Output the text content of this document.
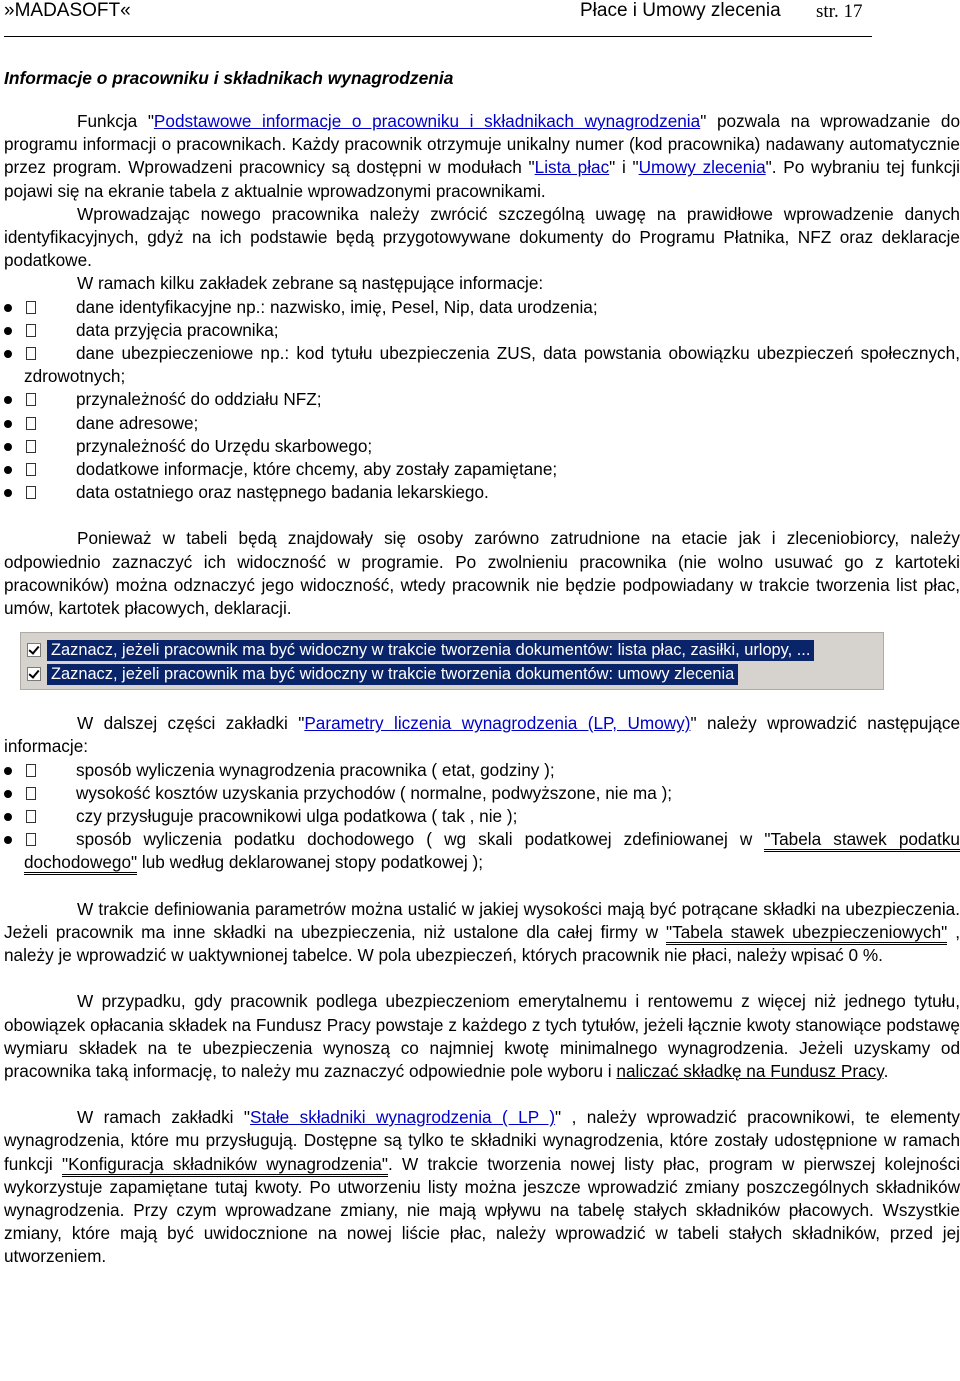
»MADASOFT«	Płace i Umowy zlecenia str. 17
Informacje o pracowniku i składnikach wynagrodzenia

Funkcja "Podstawowe informacje o pracowniku i składnikach wynagrodzenia" pozwala na wprowadzanie do programu informacji o pracownikach. Każdy pracownik otrzymuje unikalny numer (kod pracownika) nadawany automatycznie przez program. Wprowadzeni pracownicy są dostępni w modułach "Lista płac" i "Umowy zlecenia". Po wybraniu tej funkcji pojawi się na ekranie tabela z aktualnie wprowadzonymi pracownikami.

Wprowadzając nowego pracownika należy zwrócić szczególną uwagę na prawidłowe wprowadzenie danych identyfikacyjnych, gdyż na ich podstawie będą przygotowywane dokumenty do Programu Płatnika, NFZ oraz deklaracje podatkowe.

W ramach kilku zakładek zebrane są następujące informacje:

dane identyfikacyjne np.: nazwisko, imię, Pesel, Nip, data urodzenia;
data przyjęcia pracownika;
dane ubezpieczeniowe np.: kod tytułu ubezpieczenia ZUS, data powstania obowiązku ubezpieczeń społecznych, zdrowotnych;
przynależność do oddziału NFZ;
dane adresowe;
przynależność do Urzędu skarbowego;
dodatkowe informacje, które chcemy, aby zostały zapamiętane;
data ostatniego oraz następnego badania lekarskiego.

Ponieważ w tabeli będą znajdowały się osoby zarówno zatrudnione na etacie jak i zleceniobiorcy, należy odpowiednio zaznaczyć ich widoczność w programie. Po zwolnieniu pracownika (nie wolno usuwać go z kartoteki pracowników) można odznaczyć jego widoczność, wtedy pracownik nie będzie podpowiadany w trakcie tworzenia list płac, umów, kartotek płacowych, deklaracji.

Zaznacz, jeżeli pracownik ma być widoczny w trakcie tworzenia dokumentów: lista płac, zasiłki, urlopy, ...
Zaznacz, jeżeli pracownik ma być widoczny w trakcie tworzenia dokumentów: umowy zlecenia

W dalszej części zakładki "Parametry liczenia wynagrodzenia (LP, Umowy)" należy wprowadzić następujące informacje:

sposób wyliczenia wynagrodzenia pracownika ( etat, godziny );
wysokość kosztów uzyskania przychodów ( normalne, podwyższone, nie ma );
czy przysługuje pracownikowi ulga podatkowa ( tak , nie );
sposób wyliczenia podatku dochodowego ( wg skali podatkowej zdefiniowanej w "Tabela stawek podatku dochodowego" lub według deklarowanej stopy podatkowej );

W trakcie definiowania parametrów można ustalić w jakiej wysokości mają być potrącane składki na ubezpieczenia. Jeżeli pracownik ma inne składki na ubezpieczenia, niż ustalone dla całej firmy w "Tabela stawek ubezpieczeniowych" , należy je wprowadzić w uaktywnionej tabelce. W pola ubezpieczeń, których pracownik nie płaci, należy wpisać 0 %.

W przypadku, gdy pracownik podlega ubezpieczeniom emerytalnemu i rentowemu z więcej niż jednego tytułu, obowiązek opłacania składek na Fundusz Pracy powstaje z każdego z tych tytułów, jeżeli łącznie kwoty stanowiące podstawę wymiaru składek na te ubezpieczenia wynoszą co najmniej kwotę minimalnego wynagrodzenia. Jeżeli uzyskamy od pracownika taką informację, to należy mu zaznaczyć odpowiednie pole wyboru i naliczać składkę na Fundusz Pracy.

W ramach zakładki "Stałe składniki wynagrodzenia ( LP )" , należy wprowadzić pracownikowi, te elementy wynagrodzenia, które mu przysługują. Dostępne są tylko te składniki wynagrodzenia, które zostały udostępnione w ramach funkcji "Konfiguracja składników wynagrodzenia". W trakcie tworzenia nowej listy płac, program w pierwszej kolejności wykorzystuje zapamiętane tutaj kwoty. Po utworzeniu listy można jeszcze wprowadzić zmiany poszczególnych składników wynagrodzenia. Przy czym wprowadzane zmiany, nie mają wpływu na tabelę stałych składników płacowych. Wszystkie zmiany, które mają być uwidocznione na nowej liście płac, należy wprowadzić w tabeli stałych składników, przed jej utworzeniem.
